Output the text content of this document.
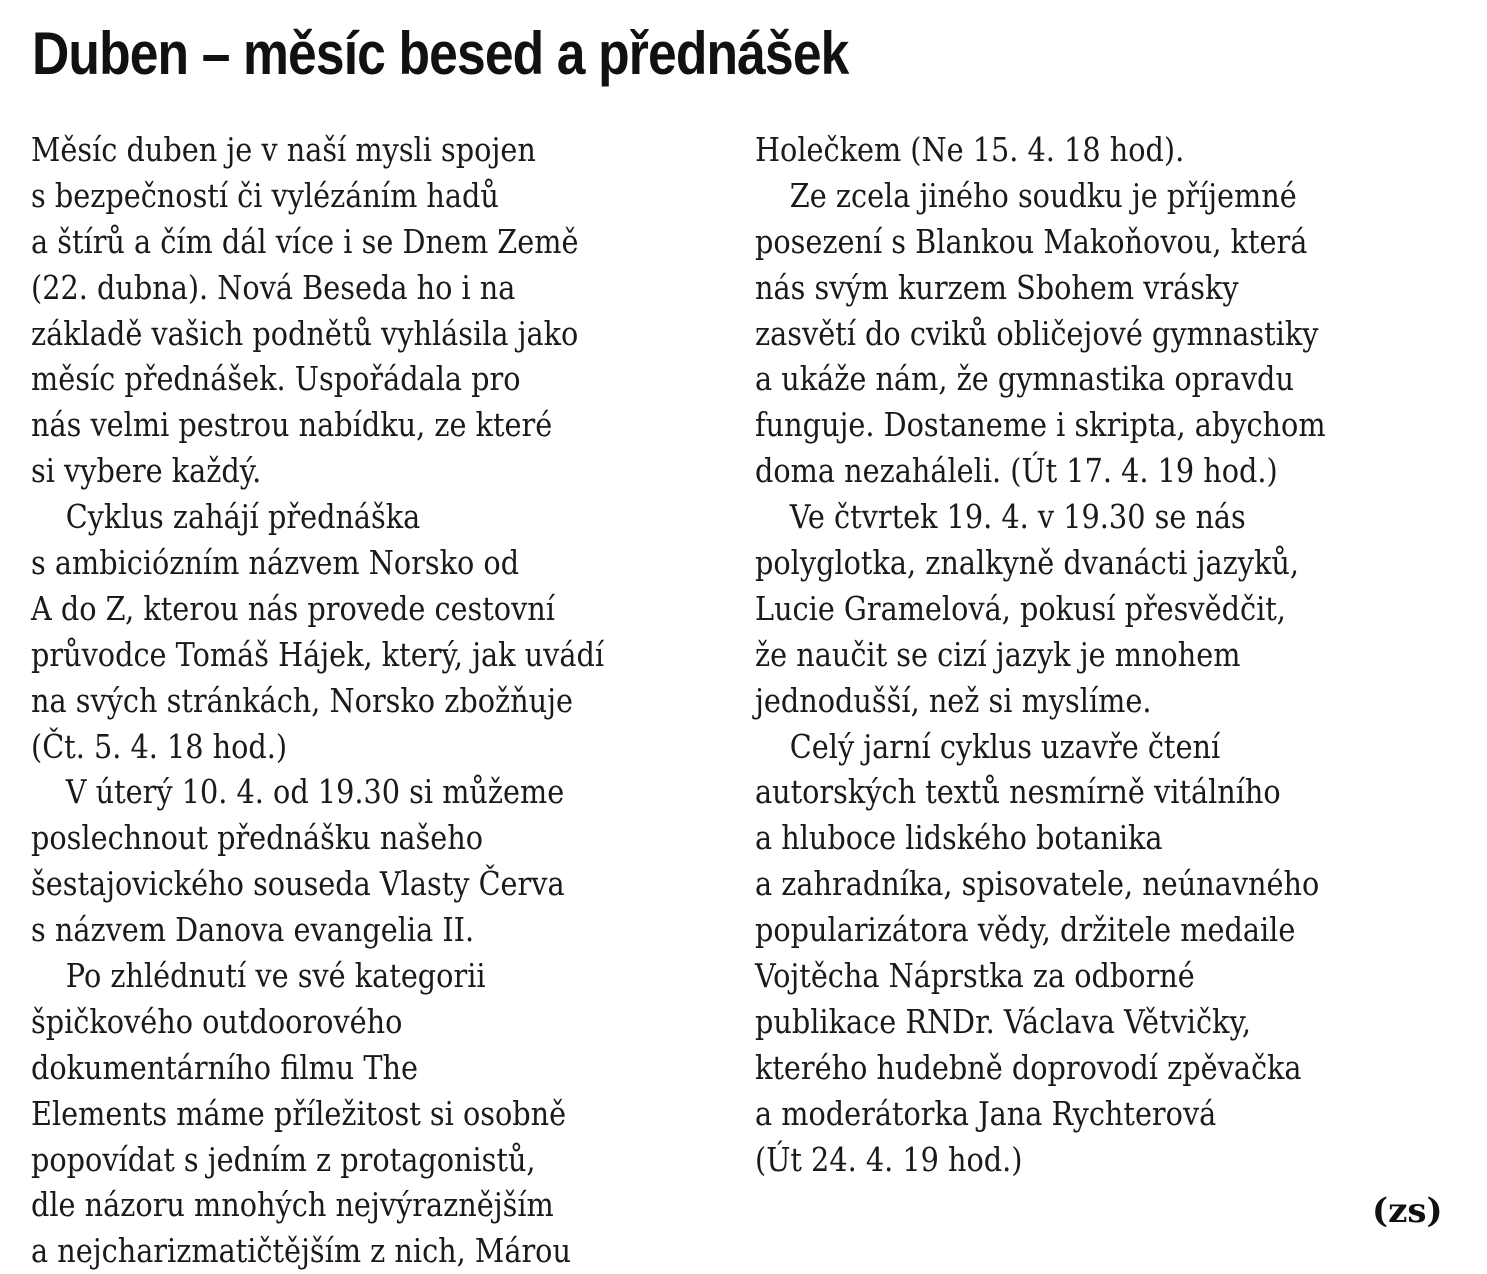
Duben – měsíc besed a přednášek
Měsíc duben je v naší mysli spojen
s bezpečností či vylézáním hadů
a štírů a čím dál více i se Dnem Země
(22. dubna). Nová Beseda ho i na
základě vašich podnětů vyhlásila jako
měsíc přednášek. Uspořádala pro
nás velmi pestrou nabídku, ze které
si vybere každý.
Cyklus zahájí přednáška
s ambiciózním názvem Norsko od
A do Z, kterou nás provede cestovní
průvodce Tomáš Hájek, který, jak uvádí
na svých stránkách, Norsko zbožňuje
(Čt. 5. 4. 18 hod.)
V úterý 10. 4. od 19.30 si můžeme
poslechnout přednášku našeho
šestajovického souseda Vlasty Červa
s názvem Danova evangelia II.
Po zhlédnutí ve své kategorii
špičkového outdoorového
dokumentárního filmu The
Elements máme příležitost si osobně
popovídat s jedním z protagonistů,
dle názoru mnohých nejvýraznějším
a nejcharizmatičtějším z nich, Márou
Holečkem (Ne 15. 4. 18 hod).
Ze zcela jiného soudku je příjemné
posezení s Blankou Makoňovou, která
nás svým kurzem Sbohem vrásky
zasvětí do cviků obličejové gymnastiky
a ukáže nám, že gymnastika opravdu
funguje. Dostaneme i skripta, abychom
doma nezaháleli. (Út 17. 4. 19 hod.)
Ve čtvrtek 19. 4. v 19.30 se nás
polyglotka, znalkyně dvanácti jazyků,
Lucie Gramelová, pokusí přesvědčit,
že naučit se cizí jazyk je mnohem
jednodušší, než si myslíme.
Celý jarní cyklus uzavře čtení
autorských textů nesmírně vitálního
a hluboce lidského botanika
a zahradníka, spisovatele, neúnavného
popularizátora vědy, držitele medaile
Vojtěcha Náprstka za odborné
publikace RNDr. Václava Větvičky,
kterého hudebně doprovodí zpěvačka
a moderátorka Jana Rychterová
(Út 24. 4. 19 hod.)
(zs)
